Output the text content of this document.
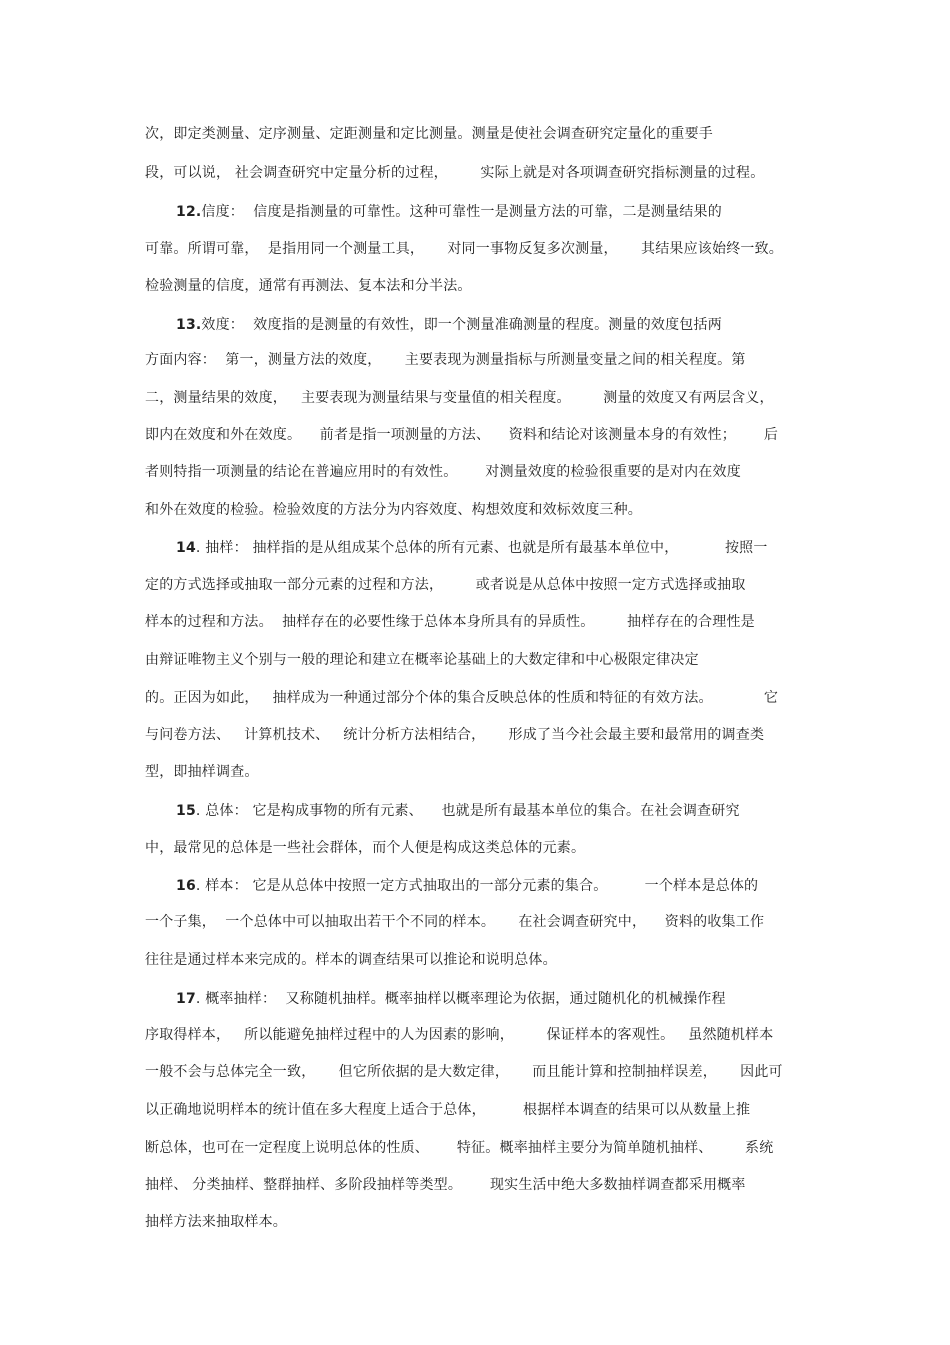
次，即定类测量、定序测量、定距测量和定比测量。测量是使社会调查研究定量化的重要手
段，可以说， 社会调查研究中定量分析的过程，       实际上就是对各项调查研究指标测量的过程。
12.信度：  信度是指测量的可靠性。这种可靠性一是测量方法的可靠，二是测量结果的
可靠。所谓可靠，  是指用同一个测量工具，     对同一事物反复多次测量，     其结果应该始终一致。
检验测量的信度，通常有再测法、复本法和分半法。
13.效度：  效度指的是测量的有效性，即一个测量准确测量的程度。测量的效度包括两
方面内容：  第一，测量方法的效度，     主要表现为测量指标与所测量变量之间的相关程度。第
二，测量结果的效度，   主要表现为测量结果与变量值的相关程度。       测量的效度又有两层含义，
即内在效度和外在效度。    前者是指一项测量的方法、    资料和结论对该测量本身的有效性；      后
者则特指一项测量的结论在普遍应用时的有效性。      对测量效度的检验很重要的是对内在效度
和外在效度的检验。检验效度的方法分为内容效度、构想效度和效标效度三种。
14. 抽样： 抽样指的是从组成某个总体的所有元素、也就是所有最基本单位中，          按照一
定的方式选择或抽取一部分元素的过程和方法，       或者说是从总体中按照一定方式选择或抽取
样本的过程和方法。  抽样存在的必要性缘于总体本身所具有的异质性。       抽样存在的合理性是
由辩证唯物主义个别与一般的理论和建立在概率论基础上的大数定律和中心极限定律决定
的。正因为如此，   抽样成为一种通过部分个体的集合反映总体的性质和特征的有效方法。           它
与问卷方法、   计算机技术、   统计分析方法相结合，     形成了当今社会最主要和最常用的调查类
型，即抽样调查。
15. 总体： 它是构成事物的所有元素、    也就是所有最基本单位的集合。在社会调查研究
中，最常见的总体是一些社会群体，而个人便是构成这类总体的元素。
16. 样本： 它是从总体中按照一定方式抽取出的一部分元素的集合。        一个样本是总体的
一个子集，  一个总体中可以抽取出若干个不同的样本。     在社会调查研究中，    资料的收集工作
往往是通过样本来完成的。样本的调查结果可以推论和说明总体。
17. 概率抽样：  又称随机抽样。概率抽样以概率理论为依据，通过随机化的机械操作程
序取得样本，   所以能避免抽样过程中的人为因素的影响，       保证样本的客观性。   虽然随机样本
一般不会与总体完全一致，     但它所依据的是大数定律，     而且能计算和控制抽样误差，     因此可
以正确地说明样本的统计值在多大程度上适合于总体，        根据样本调查的结果可以从数量上推
断总体，也可在一定程度上说明总体的性质、      特征。概率抽样主要分为简单随机抽样、       系统
抽样、 分类抽样、整群抽样、多阶段抽样等类型。      现实生活中绝大多数抽样调查都采用概率
抽样方法来抽取样本。
